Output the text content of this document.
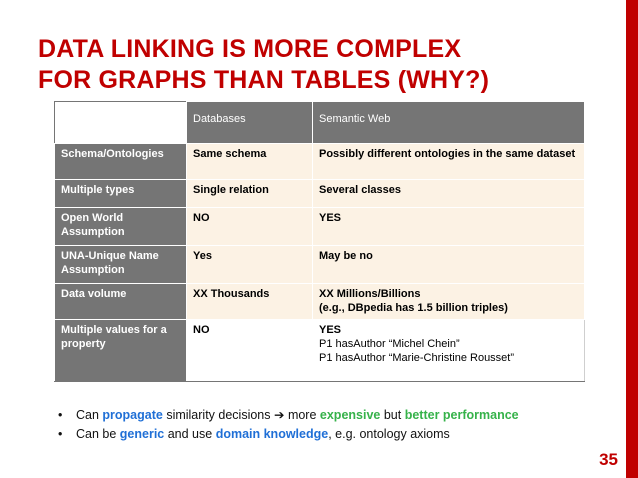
DATA LINKING IS MORE COMPLEX
FOR GRAPHS THAN TABLES (WHY?)
	Databases	Semantic Web
Schema/Ontologies	Same schema	Possibly different ontologies in the same dataset
Multiple types	Single relation	Several classes
Open World Assumption	NO	YES
UNA-Unique Name Assumption	Yes	May be no
Data volume	XX Thousands	XX Millions/Billions
(e.g., DBpedia has 1.5 billion triples)

Multiple values for a property	NO	YES
P1 hasAuthor “Michel Chein”
P1 hasAuthor “Marie-Christine Rousset”
• Can propagate similarity decisions ➔ more expensive but better performance
• Can be generic and use domain knowledge, e.g. ontology axioms
35
